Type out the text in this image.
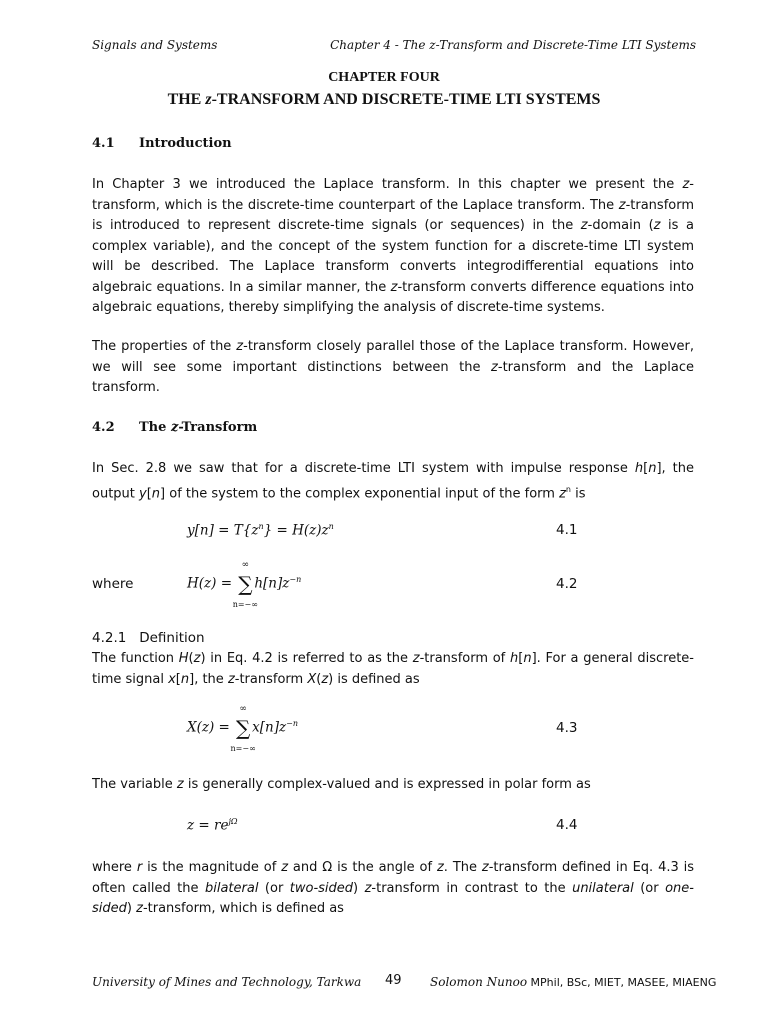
Signals and Systems	Chapter 4 - The z-Transform and Discrete-Time LTI Systems
CHAPTER FOUR
THE z-TRANSFORM AND DISCRETE-TIME LTI SYSTEMS
4.1 Introduction

In Chapter 3 we introduced the Laplace transform. In this chapter we present the z-transform, which is the discrete-time counterpart of the Laplace transform. The z-transform is introduced to represent discrete-time signals (or sequences) in the z-domain (z is a complex variable), and the concept of the system function for a discrete-time LTI system will be described. The Laplace transform converts integrodifferential equations into algebraic equations. In a similar manner, the z-transform converts difference equations into algebraic equations, thereby simplifying the analysis of discrete-time systems.

The properties of the z-transform closely parallel those of the Laplace transform. However, we will see some important distinctions between the z-transform and the Laplace transform.

4.2 The z-Transform

In Sec. 2.8 we saw that for a discrete-time LTI system with impulse response h[n], the output y[n] of the system to the complex exponential input of the form $z^n$ is

$y[n] = T\{z^n\} = H(z)z^n$	4.1
where	H(z) = ∑
∞
n=−∞
$h[n]z^{-n}$	4.2
4.2.1   Definition

The function H(z) in Eq. 4.2 is referred to as the z-transform of h[n]. For a general discrete-time signal x[n], the z-transform X(z) is defined as

X(z) = ∑
∞
n=−∞
$x[n]z^{-n}$	4.3

The variable z is generally complex-valued and is expressed in polar form as

$z = re^{j\Omega}$	4.4

where r is the magnitude of z and Ω is the angle of z. The z-transform defined in Eq. 4.3 is often called the bilateral (or two-sided) z-transform in contrast to the unilateral (or one-sided) z-transform, which is defined as

University of Mines and Technology, Tarkwa 49 Solomon Nunoo MPhil, BSc, MIET, MASEE, MIAENG
